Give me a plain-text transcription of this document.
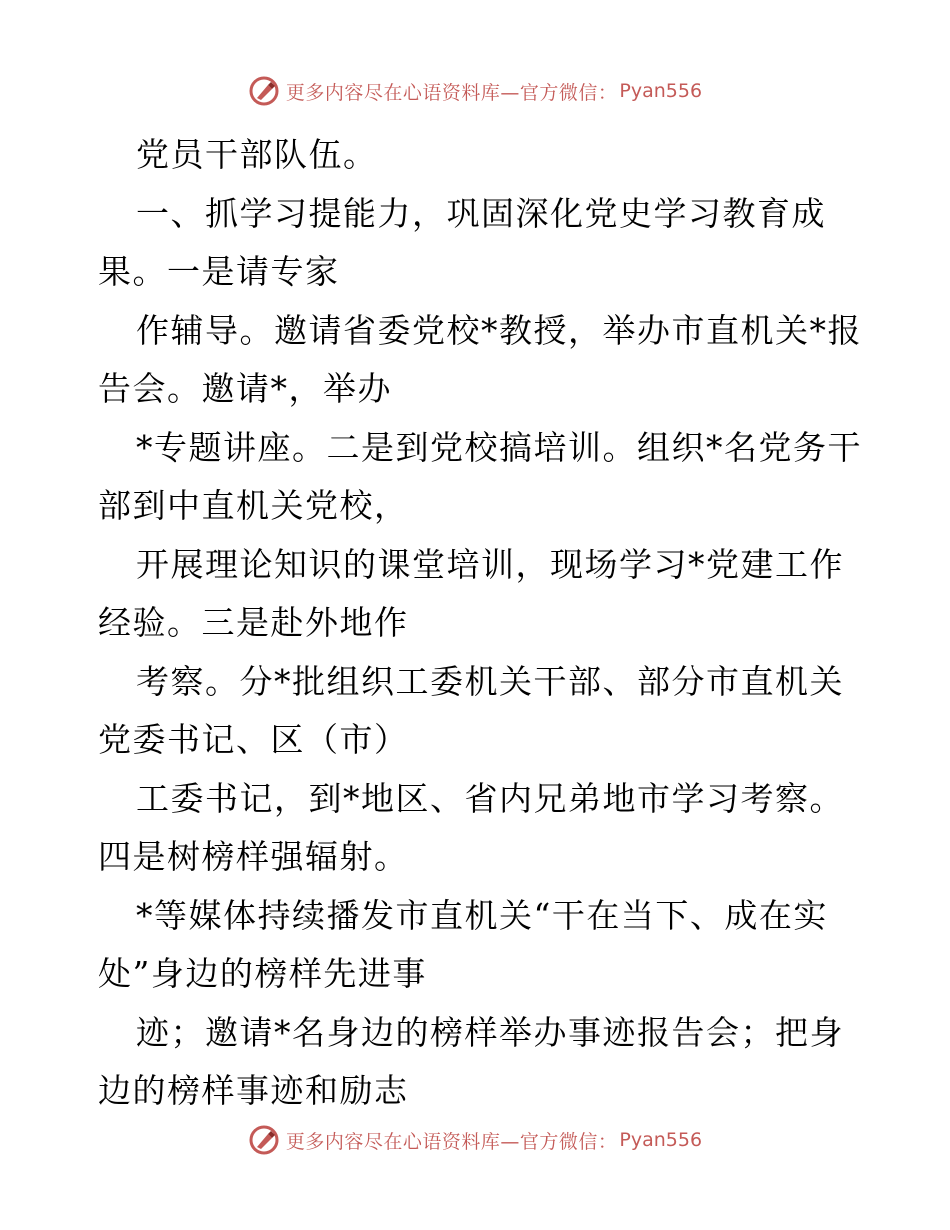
更多内容尽在心语资料库—官方微信： Pyan556
党员干部队伍。
一、抓学习提能力，巩固深化党史学习教育成
果。一是请专家
作辅导。邀请省委党校*教授，举办市直机关*报
告会。邀请*，举办
*专题讲座。二是到党校搞培训。组织*名党务干
部到中直机关党校，
开展理论知识的课堂培训，现场学习*党建工作
经验。三是赴外地作
考察。分*批组织工委机关干部、部分市直机关
党委书记、区（市）
工委书记，到*地区、省内兄弟地市学习考察。
四是树榜样强辐射。
*等媒体持续播发市直机关“干在当下、成在实
处”身边的榜样先进事
迹；邀请*名身边的榜样举办事迹报告会；把身
边的榜样事迹和励志
更多内容尽在心语资料库—官方微信： Pyan556
